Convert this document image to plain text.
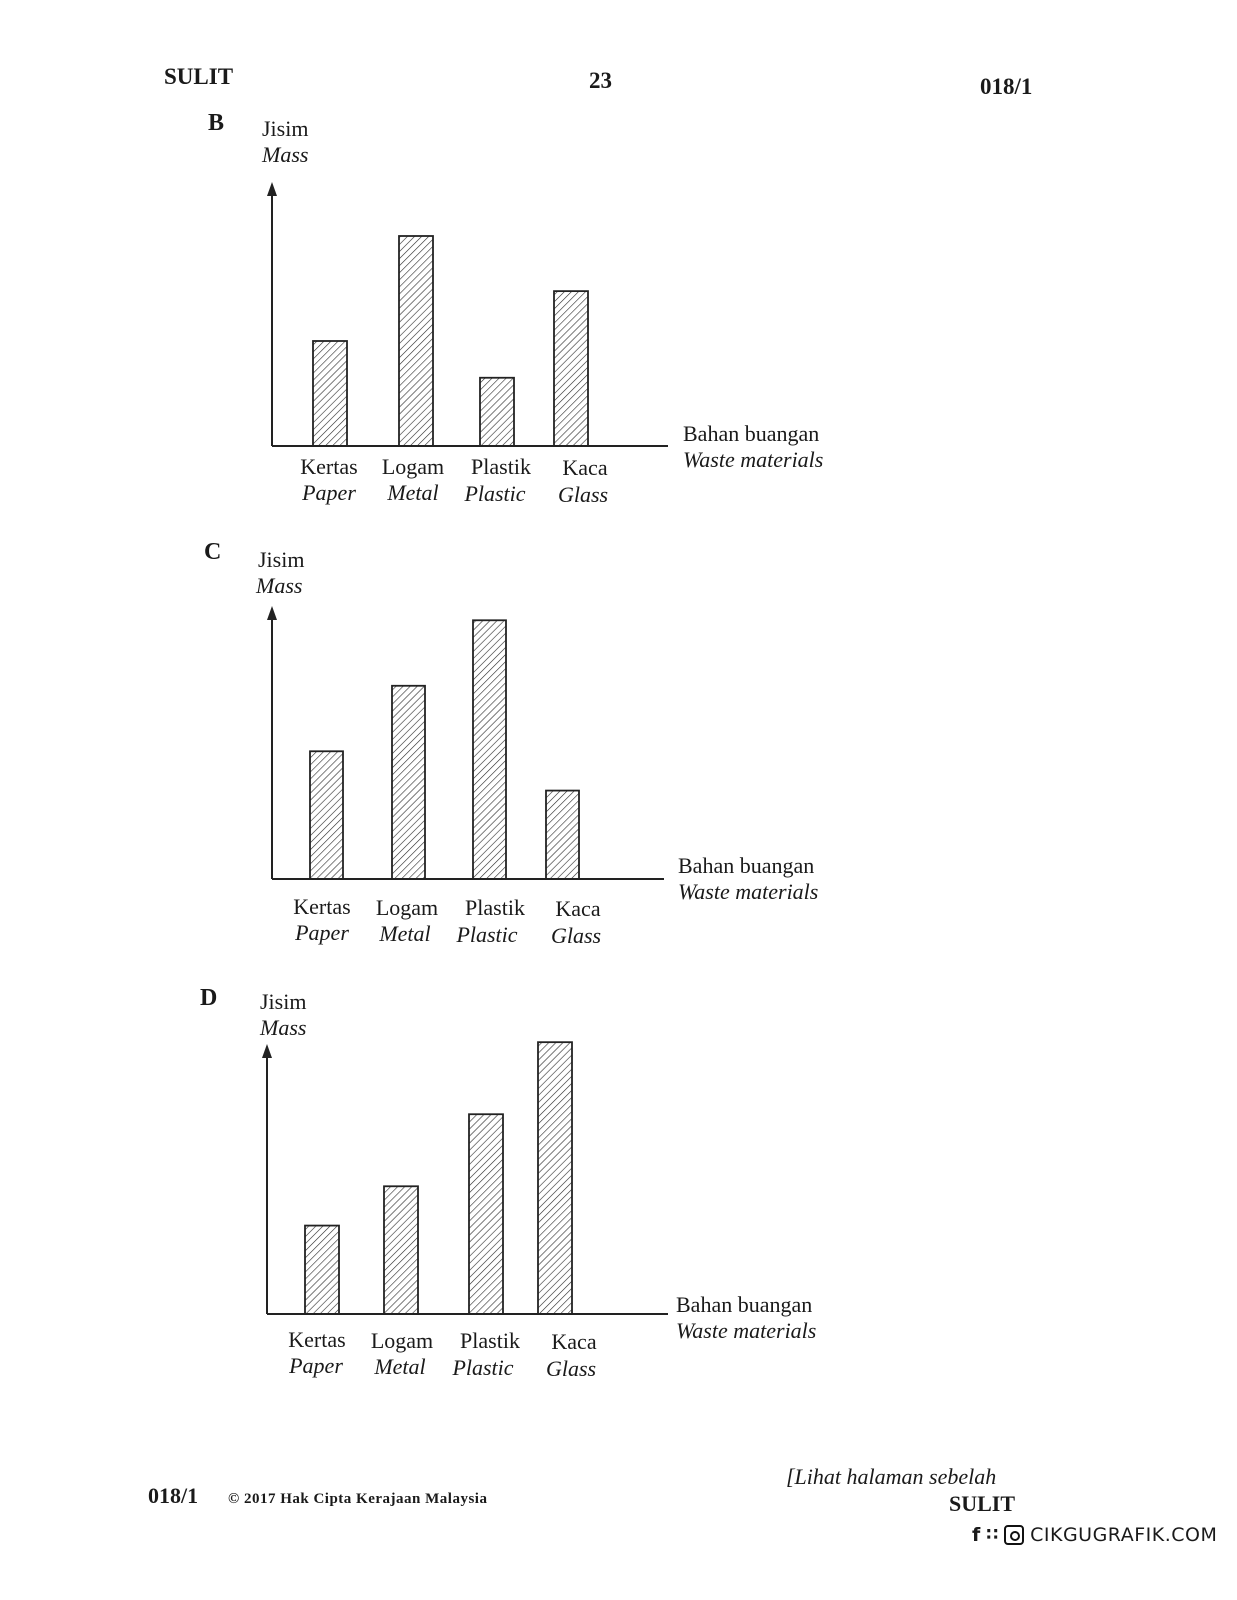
SULIT	23	018/1
B Jisim
Mass
Bahan buangan
Waste materials
Kertas
Paper
Logam
Metal
Plastik
Plastic
Kaca
Glass
C Jisim
Mass
Bahan buangan
Waste materials
Kertas
Paper
Logam
Metal
Plastik
Plastic
Kaca
Glass
D Jisim
Mass
Bahan buangan
Waste materials
Kertas
Paper
Logam
Metal
Plastik
Plastic
Kaca
Glass
018/1 © 2017 Hak Cipta Kerajaan Malaysia
[Lihat halaman sebelah
SULIT
f ∷ CIKGUGRAFIK.COM
